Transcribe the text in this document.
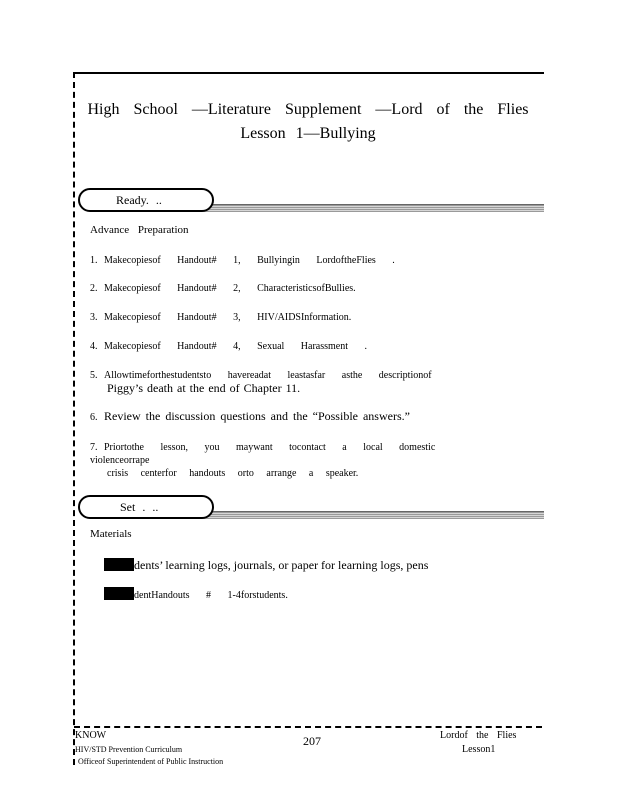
High School —Literature Supplement —Lord of the Flies
Lesson 1—Bullying
Ready. ..
Advance Preparation
1. Makecopiesof Handout# 1, Bullyingin LordoftheFlies .
2. Makecopiesof Handout# 2, CharacteristicsofBullies.
3. Makecopiesof Handout# 3, HIV/AIDSInformation.
4. Makecopiesof Handout# 4, Sexual Harassment .
5. Allowtimeforthestudentsto havereadat leastasfar asthe descriptionof
Piggy’s death at the end of Chapter 11.
6. Review the discussion questions and the “Possible answers.”
7. Priortothe lesson, you maywant tocontact a local domestic violenceorrape
crisis centerfor handouts orto arrange a speaker.
Set . ..
Materials
dents’ learning logs, journals, or paper for learning logs, pens
dentHandouts # 1-4forstudents.
KNOW
HIV/STD Prevention Curriculum
Officeof Superintendent of Public Instruction
207	Lordof the Flies
Lesson1
